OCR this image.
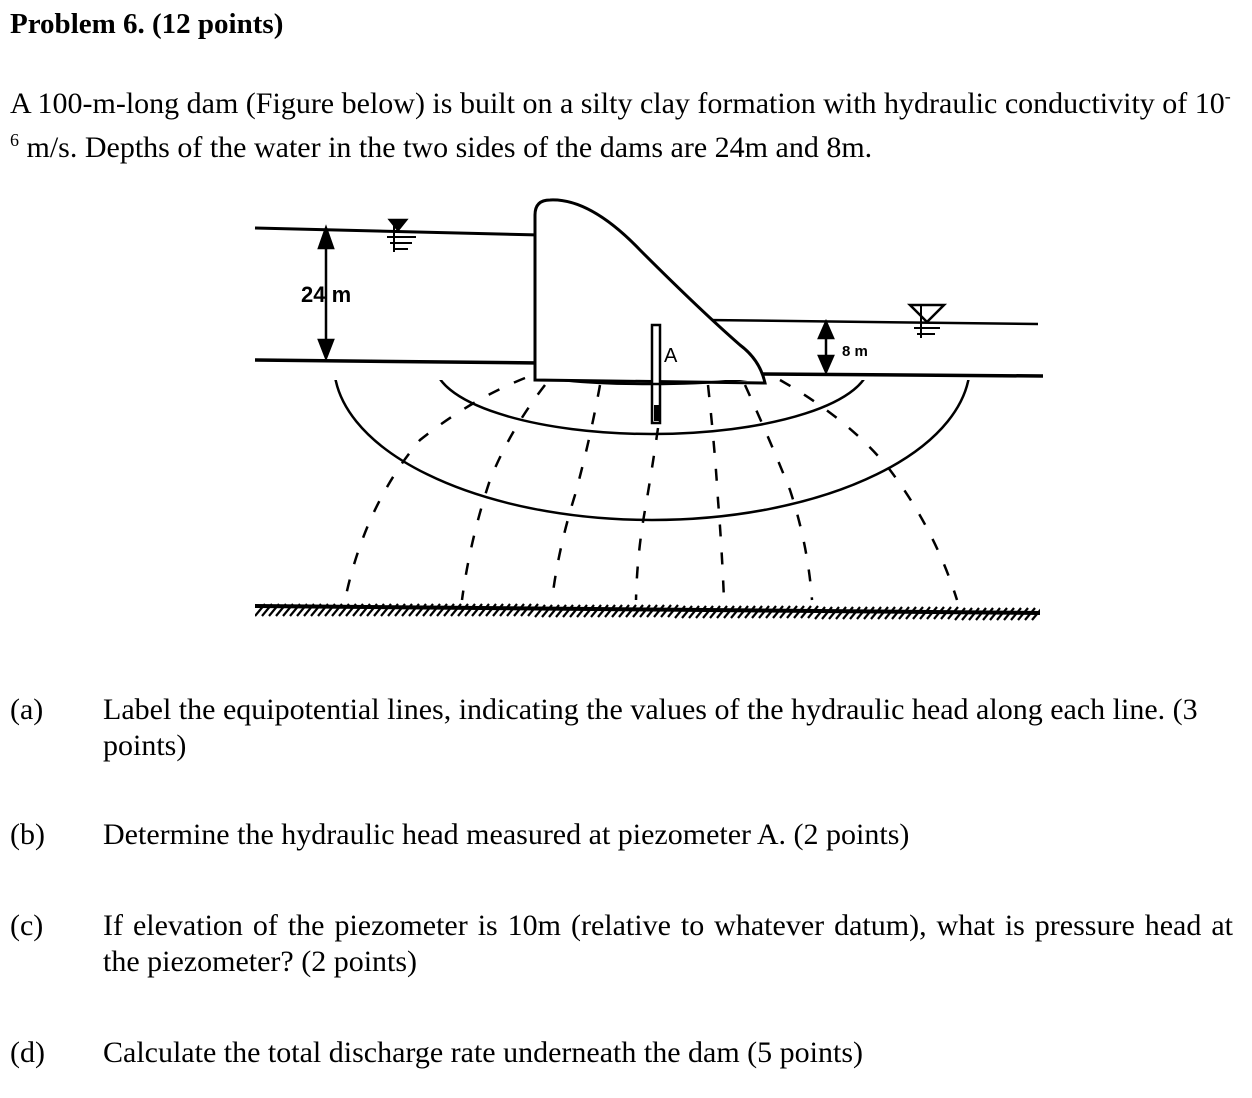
Problem 6. (12 points)
A 100-m-long dam (Figure below) is built on a silty clay formation with hydraulic conductivity of $10^{-6}$ m/s. Depths of the water in the two sides of the dams are 24m and 8m.
24 m
8 m
A
(a) Label the equipotential lines, indicating the values of the hydraulic head along each line. (3 points)
(b) Determine the hydraulic head measured at piezometer A. (2 points)
(c) If elevation of the piezometer is 10m (relative to whatever datum), what is pressure head at the piezometer? (2 points)
(d) Calculate the total discharge rate underneath the dam (5 points)
